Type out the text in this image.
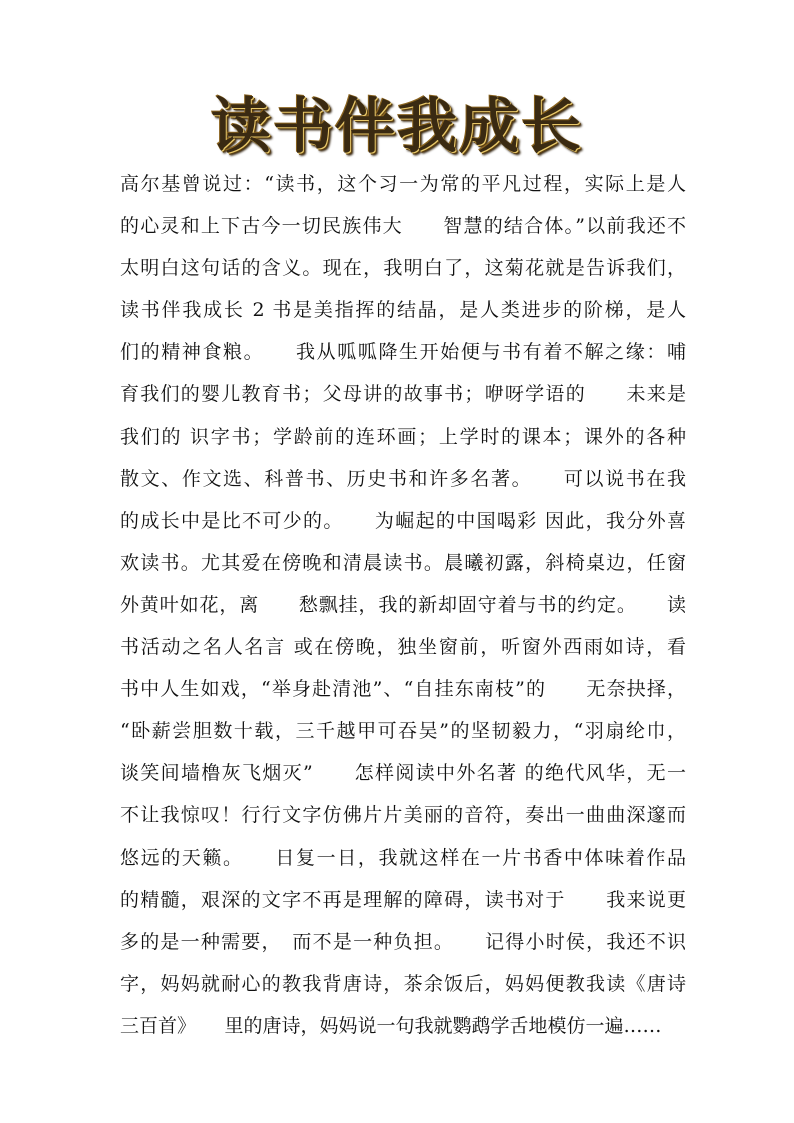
读书伴我成长
高尔基曾说过：“读书，这个习一为常的平凡过程，实际上是人
的心灵和上下古今一切民族伟大　　智慧的结合体。”以前我还不
太明白这句话的含义。现在，我明白了，这菊花就是告诉我们，
读书伴我成长 2 书是美指挥的结晶，是人类进步的阶梯，是人
们的精神食粮。　　我从呱呱降生开始便与书有着不解之缘：哺
育我们的婴儿教育书；父母讲的故事书；咿呀学语的　　未来是
我们的 识字书；学龄前的连环画；上学时的课本；课外的各种
散文、作文选、科普书、历史书和许多名著。　　可以说书在我
的成长中是比不可少的。　　为崛起的中国喝彩 因此，我分外喜
欢读书。尤其爱在傍晚和清晨读书。晨曦初露，斜椅桌边，任窗
外黄叶如花，离　　愁飘挂，我的新却固守着与书的约定。　　读
书活动之名人名言 或在傍晚，独坐窗前，听窗外西雨如诗，看
书中人生如戏，“举身赴清池”、“自挂东南枝”的　　无奈抉择，
“卧薪尝胆数十载，三千越甲可吞吴”的坚韧毅力，“羽扇纶巾，
谈笑间墙橹灰飞烟灭”　　怎样阅读中外名著 的绝代风华，无一
不让我惊叹！行行文字仿佛片片美丽的音符，奏出一曲曲深邃而
悠远的天籁。　　日复一日，我就这样在一片书香中体味着作品
的精髓，艰深的文字不再是理解的障碍，读书对于　　我来说更
多的是一种需要，　而不是一种负担。　　记得小时侯，我还不识
字，妈妈就耐心的教我背唐诗，茶余饭后，妈妈便教我读《唐诗
三百首》　　里的唐诗，妈妈说一句我就鹦鹉学舌地模仿一遍……
